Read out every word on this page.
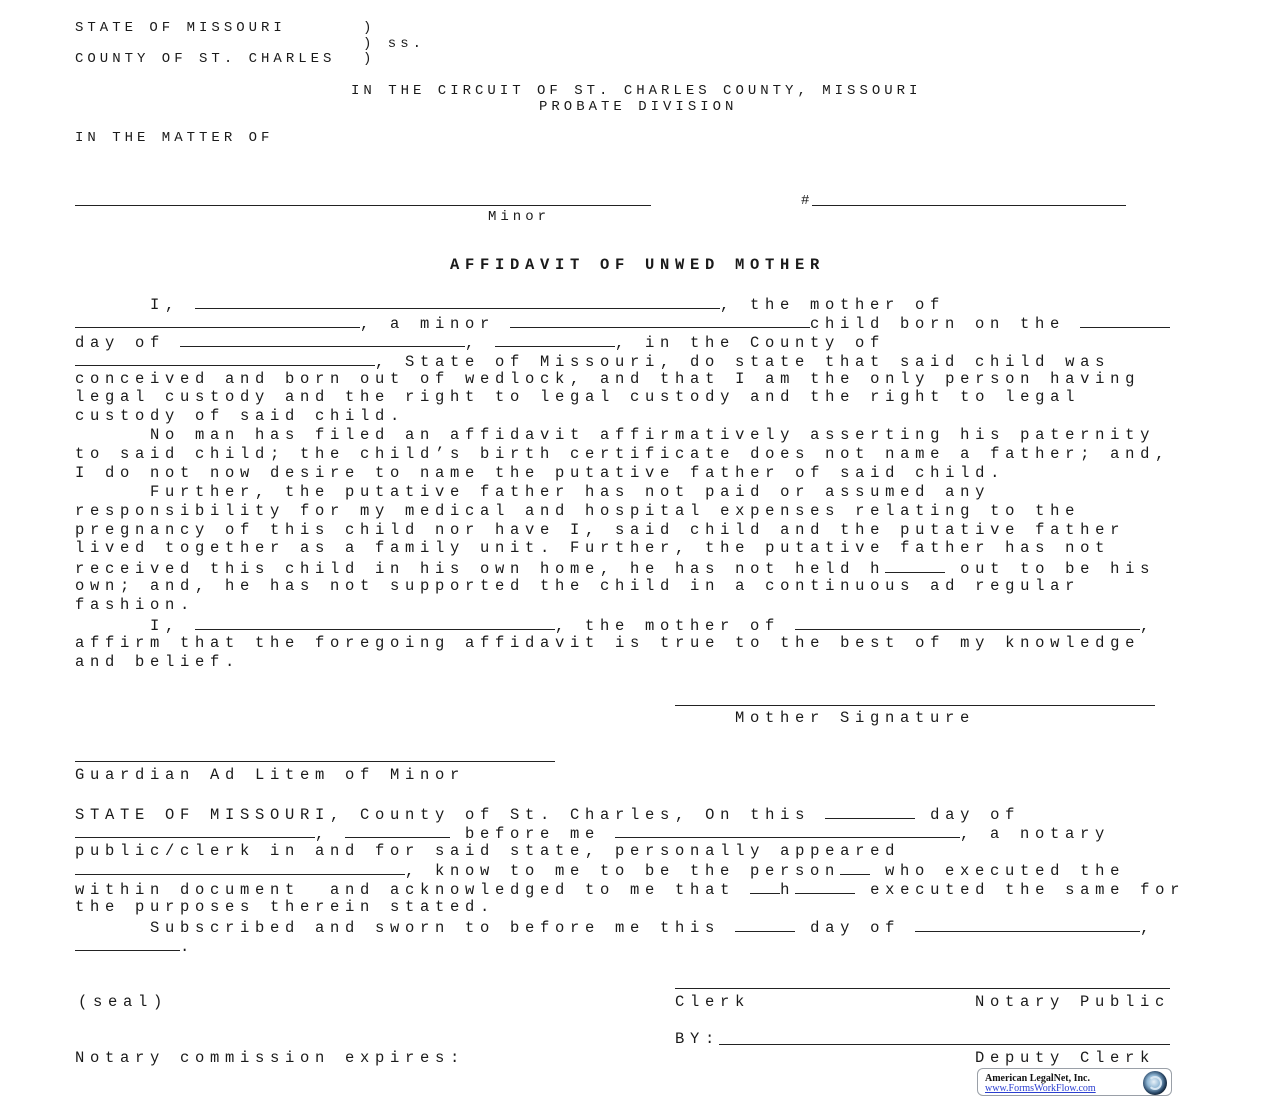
STATE OF MISSOURI	)
) ss.
COUNTY OF ST. CHARLES )
IN THE CIRCUIT OF ST. CHARLES COUNTY, MISSOURI
PROBATE DIVISION
IN THE MATTER OF
Minor
#
AFFIDAVIT OF UNWED MOTHER
I,	, the mother of
, a minor	child born on the
day of	,	, in the County of
, State of Missouri, do state that said child was
conceived and born out of wedlock, and that I am the only person having
legal custody and the right to legal custody and the right to legal
custody of said child.
No man has filed an affidavit affirmatively asserting his paternity
to said child; the child’s birth certificate does not name a father; and,
I do not now desire to name the putative father of said child.
Further, the putative father has not paid or assumed any
responsibility for my medical and hospital expenses relating to the
pregnancy of this child nor have I, said child and the putative father
lived together as a family unit. Further, the putative father has not
received this child in his own home, he has not held h	out to be his
own; and, he has not supported the child in a continuous ad regular
fashion.
I,	, the mother of	,
affirm that the foregoing affidavit is true to the best of my knowledge
and belief.
Mother Signature
Guardian Ad Litem of Minor
STATE OF MISSOURI, County of St. Charles, On this	day of
,	before me	, a notary
public/clerk in and for said state, personally appeared
, know to me to be the person who executed the
within document  and acknowledged to me that h	executed the same for
the purposes therein stated.
Subscribed and sworn to before me this	day of	,
.
(seal)	Clerk	Notary Public
BY:
Deputy Clerk
Notary commission expires:
American LegalNet, Inc.
www.FormsWorkFlow.com
